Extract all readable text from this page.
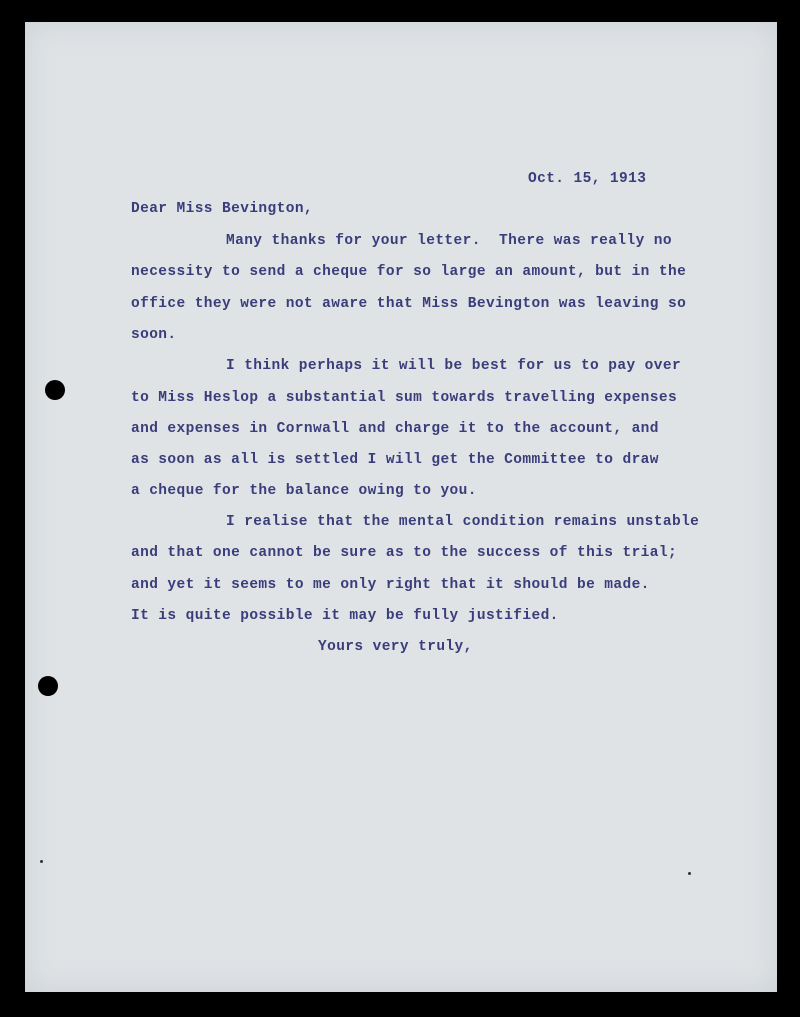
Oct. 15, 1913
Dear Miss Bevington,
Many thanks for your letter.  There was really no
necessity to send a cheque for so large an amount, but in the
office they were not aware that Miss Bevington was leaving so
soon.
I think perhaps it will be best for us to pay over
to Miss Heslop a substantial sum towards travelling expenses
and expenses in Cornwall and charge it to the account, and
as soon as all is settled I will get the Committee to draw
a cheque for the balance owing to you.
I realise that the mental condition remains unstable
and that one cannot be sure as to the success of this trial;
and yet it seems to me only right that it should be made.
It is quite possible it may be fully justified.
Yours very truly,
